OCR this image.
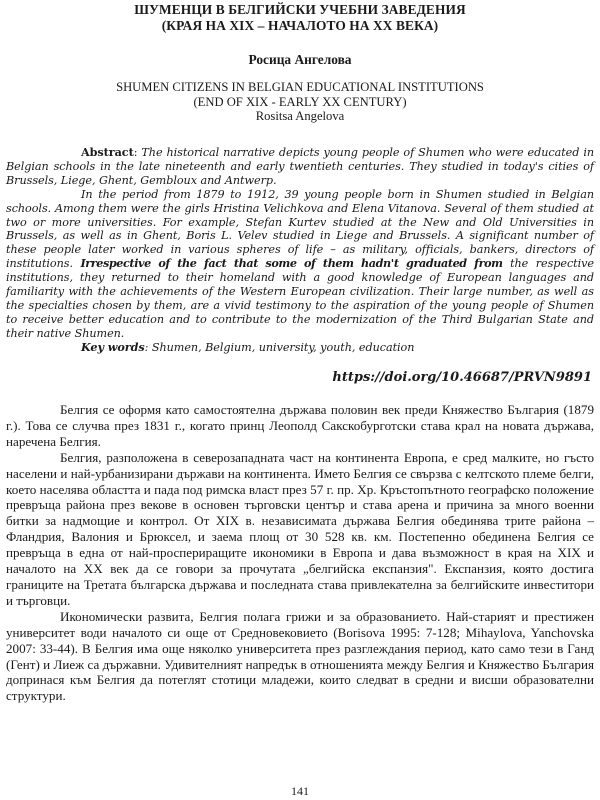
ШУМЕНЦИ В БЕЛГИЙСКИ УЧЕБНИ ЗАВЕДЕНИЯ
(КРАЯ НА XIX – НАЧАЛОТО НА XX ВЕКА)
Росица Ангелова
SHUMEN CITIZENS IN BELGIAN EDUCATIONAL INSTITUTIONS
(END OF XIX - EARLY XX CENTURY)
Rositsa Angelova

Abstract: The historical narrative depicts young people of Shumen who were educated in Belgian schools in the late nineteenth and early twentieth centuries. They studied in today's cities of Brussels, Liege, Ghent, Gembloux and Antwerp.

In the period from 1879 to 1912, 39 young people born in Shumen studied in Belgian schools. Among them were the girls Hristina Velichkova and Elena Vitanova. Several of them studied at two or more universities. For example, Stefan Kurtev studied at the New and Old Universities in Brussels, as well as in Ghent, Boris L. Velev studied in Liege and Brussels. A significant number of these people later worked in various spheres of life – as military, officials, bankers, directors of institutions. Irrespective of the fact that some of them hadn't graduated from the respective institutions, they returned to their homeland with a good knowledge of European languages and familiarity with the achievements of the Western European civilization. Their large number, as well as the specialties chosen by them, are a vivid testimony to the aspiration of the young people of Shumen to receive better education and to contribute to the modernization of the Third Bulgarian State and their native Shumen.

Key words: Shumen, Belgium, university, youth, education

https://doi.org/10.46687/PRVN9891

Белгия се оформя като самостоятелна държава половин век преди Княжество България (1879 г.). Това се случва през 1831 г., когато принц Леополд Сакскобурготски става крал на новата държава, наречена Белгия.

Белгия, разположена в северозападната част на континента Европа, е сред малките, но гъсто населени и най-урбанизирани държави на континента. Името Белгия се свързва с келтското племе белги, което населява областта и пада под римска власт през 57 г. пр. Хр. Кръстопътното географско положение превръща района през векове в основен търговски център и става арена и причина за много военни битки за надмощие и контрол. От XIX в. независимата държава Белгия обединява трите района – Фландрия, Валония и Брюксел, и заема площ от 30 528 кв. км. Постепенно обединена Белгия се превръща в една от най-проспериращите икономики в Европа и дава възможност в края на XIX и началото на XX век да се говори за прочутата „белгийска експанзия". Експанзия, която достига границите на Третата българска държава и последната става привлекателна за белгийските инвеститори и търговци.

Икономически развита, Белгия полага грижи и за образованието. Най-старият и престижен университет води началото си още от Средновековието (Borisova 1995: 7-128; Mihaylova, Yanchovska 2007: 33-44). В Белгия има още няколко университета през разглеждания период, като само тези в Ганд (Гент) и Лиеж са държавни. Удивителният напредък в отношенията между Белгия и Княжество България допринася към Белгия да потеглят стотици младежи, които следват в средни и висши образователни структури.

141
